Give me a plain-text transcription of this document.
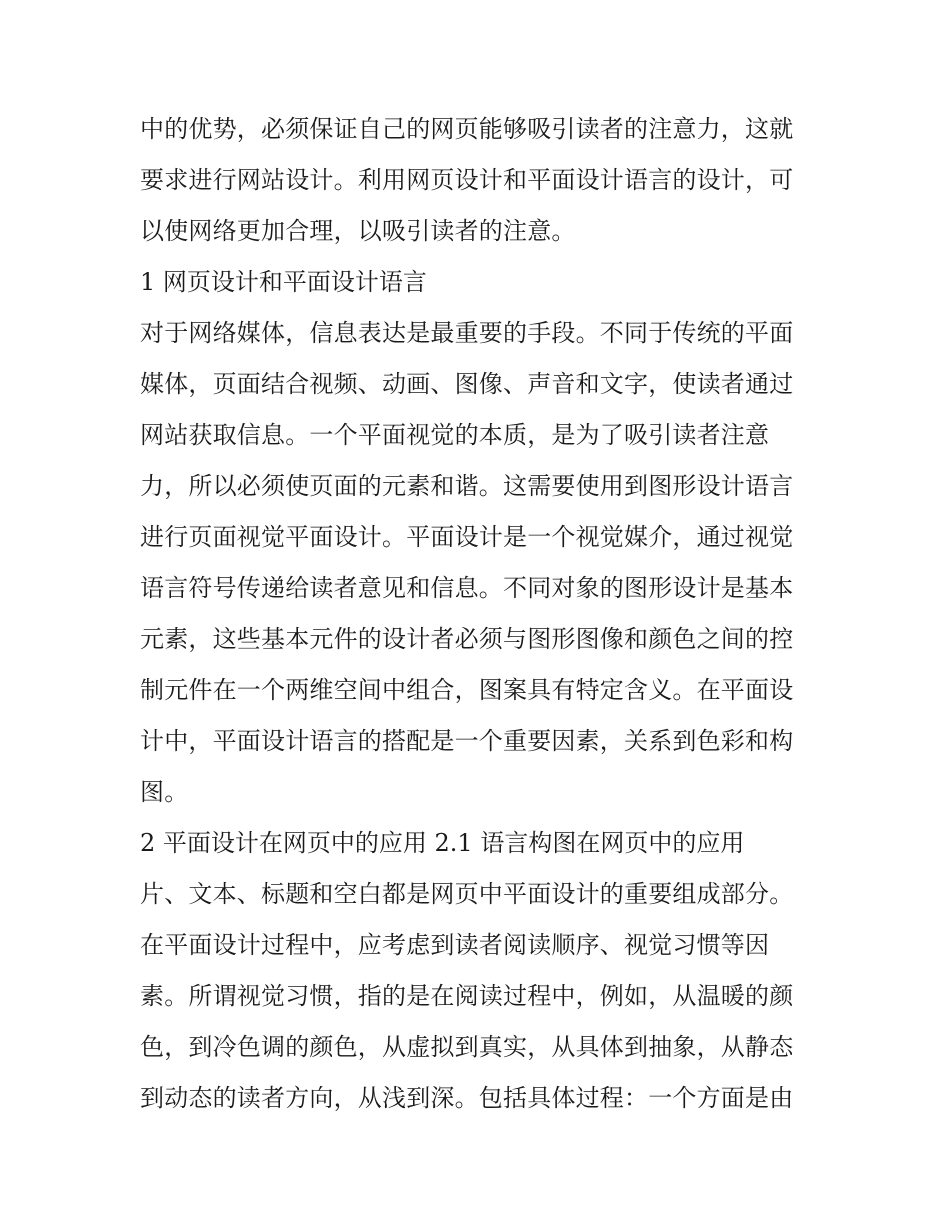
中的优势，必须保证自己的网页能够吸引读者的注意力，这就
要求进行网站设计。利用网页设计和平面设计语言的设计，可
以使网络更加合理，以吸引读者的注意。
1 网页设计和平面设计语言
对于网络媒体，信息表达是最重要的手段。不同于传统的平面
媒体，页面结合视频、动画、图像、声音和文字，使读者通过
网站获取信息。一个平面视觉的本质，是为了吸引读者注意
力，所以必须使页面的元素和谐。这需要使用到图形设计语言
进行页面视觉平面设计。平面设计是一个视觉媒介，通过视觉
语言符号传递给读者意见和信息。不同对象的图形设计是基本
元素，这些基本元件的设计者必须与图形图像和颜色之间的控
制元件在一个两维空间中组合，图案具有特定含义。在平面设
计中，平面设计语言的搭配是一个重要因素，关系到色彩和构
图。
2 平面设计在网页中的应用 2.1 语言构图在网页中的应用
片、文本、标题和空白都是网页中平面设计的重要组成部分。
在平面设计过程中，应考虑到读者阅读顺序、视觉习惯等因
素。所谓视觉习惯，指的是在阅读过程中，例如，从温暖的颜
色，到冷色调的颜色，从虚拟到真实，从具体到抽象，从静态
到动态的读者方向，从浅到深。包括具体过程：一个方面是由
